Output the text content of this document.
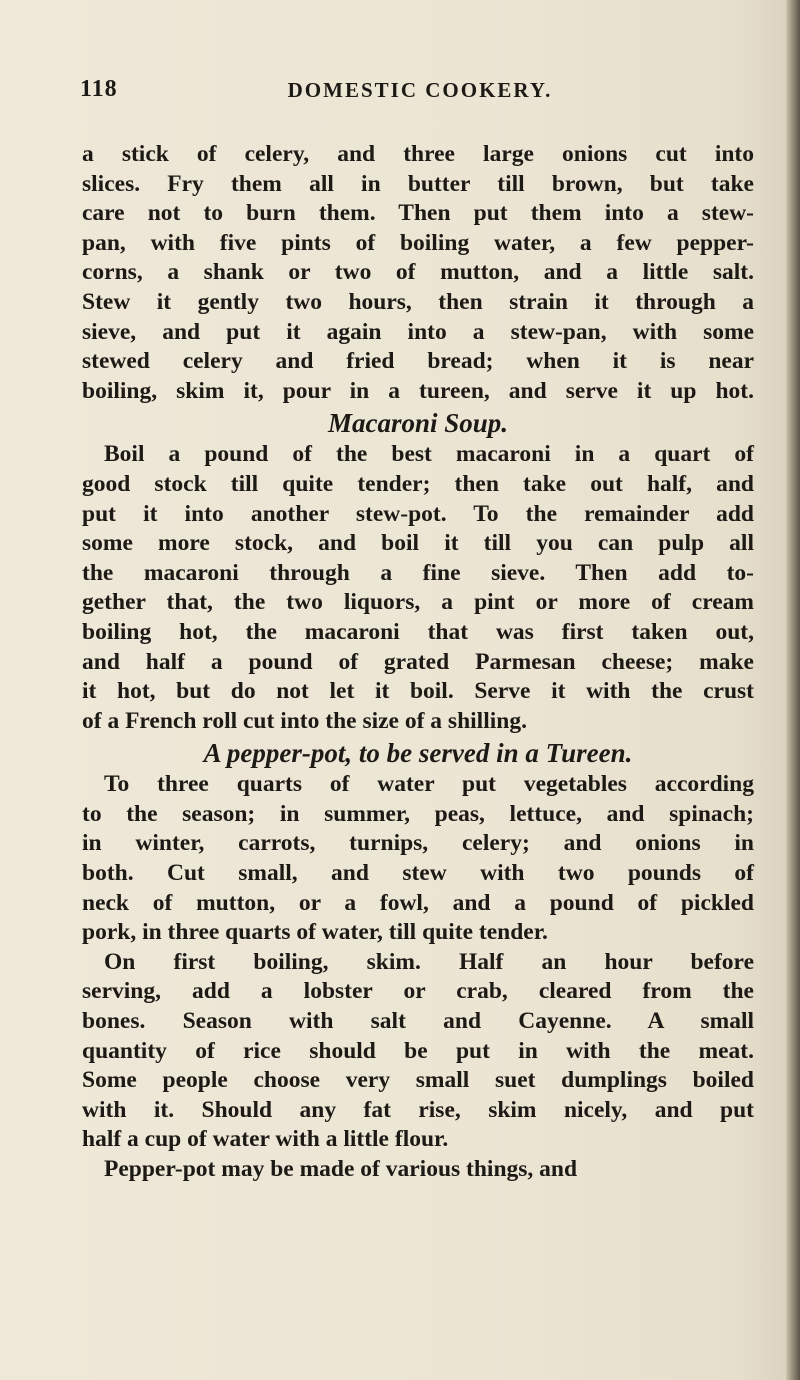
118	DOMESTIC COOKERY.

a stick of celery, and three large onions cut into
slices. Fry them all in butter till brown, but take
care not to burn them. Then put them into a stew-
pan, with five pints of boiling water, a few pepper-
corns, a shank or two of mutton, and a little salt.
Stew it gently two hours, then strain it through a
sieve, and put it again into a stew-pan, with some
stewed celery and fried bread; when it is near
boiling, skim it, pour in a tureen, and serve it up hot.

Macaroni Soup.

Boil a pound of the best macaroni in a quart of
good stock till quite tender; then take out half, and
put it into another stew-pot. To the remainder add
some more stock, and boil it till you can pulp all
the macaroni through a fine sieve. Then add to-
gether that, the two liquors, a pint or more of cream
boiling hot, the macaroni that was first taken out,
and half a pound of grated Parmesan cheese; make
it hot, but do not let it boil. Serve it with the crust
of a French roll cut into the size of a shilling.

A pepper-pot, to be served in a Tureen.

To three quarts of water put vegetables according
to the season; in summer, peas, lettuce, and spinach;
in winter, carrots, turnips, celery; and onions in
both. Cut small, and stew with two pounds of
neck of mutton, or a fowl, and a pound of pickled
pork, in three quarts of water, till quite tender.
On first boiling, skim. Half an hour before
serving, add a lobster or crab, cleared from the
bones. Season with salt and Cayenne. A small
quantity of rice should be put in with the meat.
Some people choose very small suet dumplings boiled
with it. Should any fat rise, skim nicely, and put
half a cup of water with a little flour.
Pepper-pot may be made of various things, and
